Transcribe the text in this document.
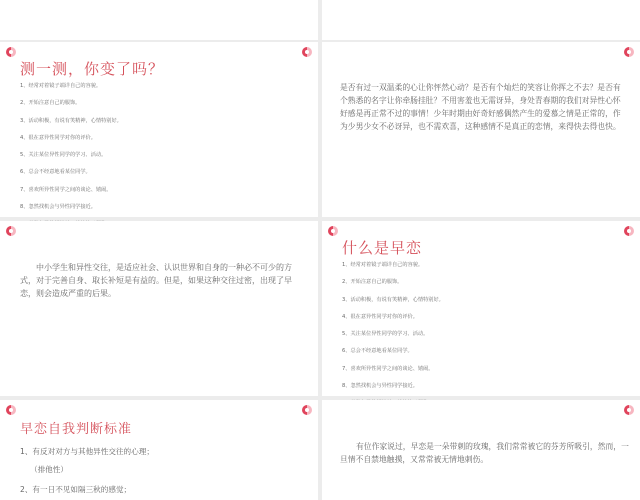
测一测，你变了吗？
1、经常对着镜子端详自己的容貌。
2、开始注意自己的服饰。
3、活动积极，有说有笑精神，心情特别好。
4、很在意异性同学对你的评价。
5、关注某位异性同学的学习、活动。
6、总会不经意地看某位同学。
7、喜欢所异性同学之间的谈论、嬉闹。
8、忽然找机会与异性同学接近。

是否有过一双温柔的心让你怦然心动？是否有个灿烂的笑容让你挥之不去？是否有个熟悉的名字让你牵肠挂肚？不用害羞也无需讶异，身处青春期的我们对异性心怀好感是再正常不过的事情！少年时期由好奇好感偶然产生的爱慕之情是正常的，作为少男少女不必讶异，也不需欢喜，这种感情不是真正的恋情，来得快去得也快。

中小学生和异性交往，是适应社会、认识世界和自身的一种必不可少的方式，对于完善自身、取长补短是有益的。但是，如果这种交往过密，出现了早恋，则会造成严重的后果。

什么是早恋
1、经常对着镜子端详自己的容貌。
2、开始注意自己的服饰。
3、活动积极，有说有笑精神，心情特别好。
4、很在意异性同学对你的评价。
5、关注某位异性同学的学习、活动。
6、总会不经意地看某位同学。
7、喜欢所异性同学之间的谈论、嬉闹。
8、忽然找机会与异性同学接近。
早恋自我判断标准

1、有反对对方与其他异性交往的心理；

（排他性）

2、有一日不见如隔三秋的感觉；

有位作家说过，早恋是一朵带刺的玫瑰，我们常常被它的芬芳所吸引，然而，一旦情不自禁地触摸，又常常被无情地刺伤。
